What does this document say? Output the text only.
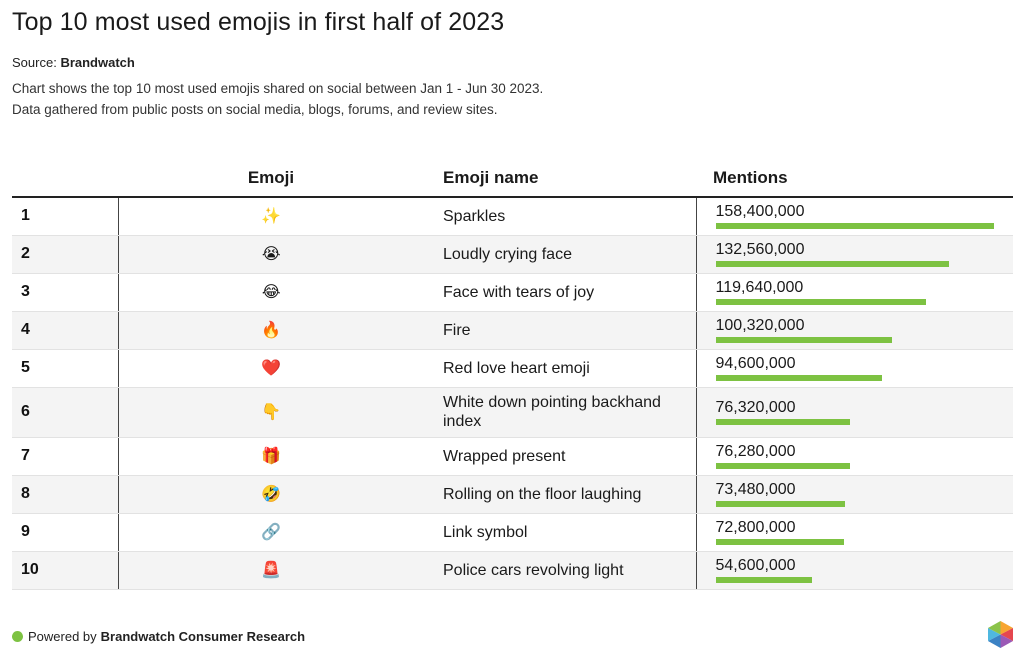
Top 10 most used emojis in first half of 2023
Source: Brandwatch
Chart shows the top 10 most used emojis shared on social between Jan 1 - Jun 30 2023.
Data gathered from public posts on social media, blogs, forums, and review sites.
	Emoji	Emoji name	Mentions
1	✨	Sparkles	158,400,000

2	😭	Loudly crying face	132,560,000

3	😂	Face with tears of joy	119,640,000

4	🔥	Fire	100,320,000

5	❤️	Red love heart emoji	94,600,000

6	👇	White down pointing backhand index	76,320,000

7	🎁	Wrapped present	76,280,000

8	🤣	Rolling on the floor laughing	73,480,000

9	🔗	Link symbol	72,800,000

10	🚨	Police cars revolving light	54,600,000
Powered by Brandwatch Consumer Research
